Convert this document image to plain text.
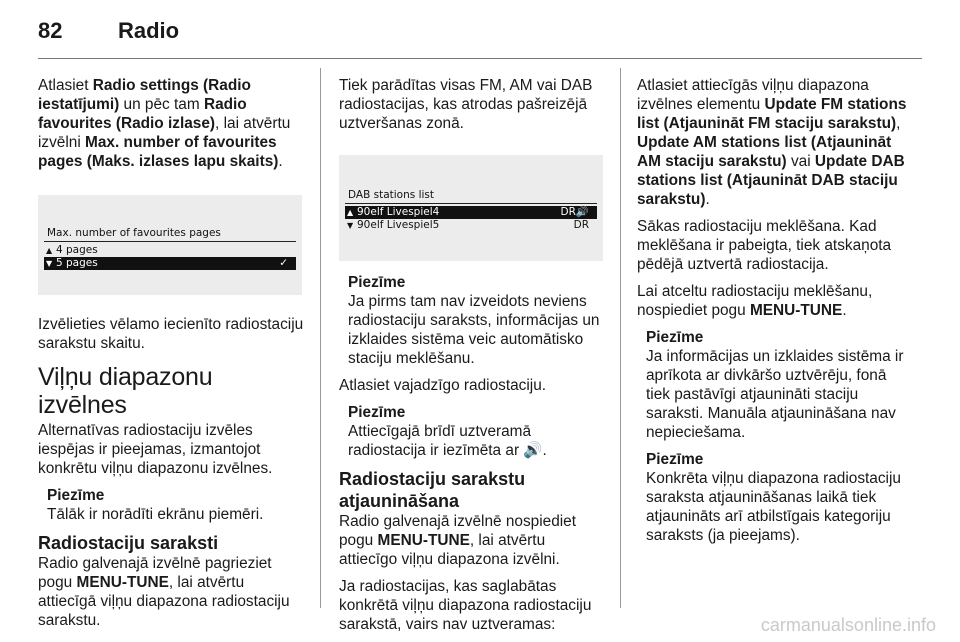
82	Radio

Atlasiet Radio settings (Radio iestatījumi) un pēc tam Radio favourites (Radio izlase), lai atvērtu izvēlni Max. number of favourites pages (Maks. izlases lapu skaits).

Max. number of favourites pages
▲ 4 pages
▼ 5 pages	✓

Izvēlieties vēlamo iecienīto radiostaciju sarakstu skaitu.

Viļņu diapazonu izvēlnes

Alternatīvas radiostaciju izvēles iespējas ir pieejamas, izmantojot konkrētu viļņu diapazonu izvēlnes.

Piezīme
Tālāk ir norādīti ekrānu piemēri.
Radiostaciju saraksti

Radio galvenajā izvēlnē pagrieziet pogu MENU-TUNE, lai atvērtu attiecīgā viļņu diapazona radiostaciju sarakstu.

Tiek parādītas visas FM, AM vai DAB radiostacijas, kas atrodas pašreizējā uztveršanas zonā.

DAB stations list
▲ 90elf Livespiel4	DR🔊
▼ 90elf Livespiel5	DR
Piezīme
Ja pirms tam nav izveidots neviens radiostaciju saraksts, informācijas un izklaides sistēma veic automātisko staciju meklēšanu.

Atlasiet vajadzīgo radiostaciju.

Piezīme
Attiecīgajā brīdī uztveramā radiostacija ir iezīmēta ar 🔊.
Radiostaciju sarakstu atjaunināšana

Radio galvenajā izvēlnē nospiediet pogu MENU-TUNE, lai atvērtu attiecīgo viļņu diapazona izvēlni.

Ja radiostacijas, kas saglabātas konkrētā viļņu diapazona radiostaciju sarakstā, vairs nav uztveramas:

Atlasiet attiecīgās viļņu diapazona izvēlnes elementu Update FM stations list (Atjaunināt FM staciju sarakstu), Update AM stations list (Atjaunināt AM staciju sarakstu) vai Update DAB stations list (Atjaunināt DAB staciju sarakstu).

Sākas radiostaciju meklēšana. Kad meklēšana ir pabeigta, tiek atskaņota pēdējā uztvertā radiostacija.

Lai atceltu radiostaciju meklēšanu, nospiediet pogu MENU-TUNE.

Piezīme
Ja informācijas un izklaides sistēma ir aprīkota ar divkāršo uztvērēju, fonā tiek pastāvīgi atjaunināti staciju saraksti. Manuāla atjaunināšana nav nepieciešama.
Piezīme
Konkrēta viļņu diapazona radiostaciju saraksta atjaunināšanas laikā tiek atjaunināts arī atbilstīgais kategoriju saraksts (ja pieejams).
carmanualsonline.info
